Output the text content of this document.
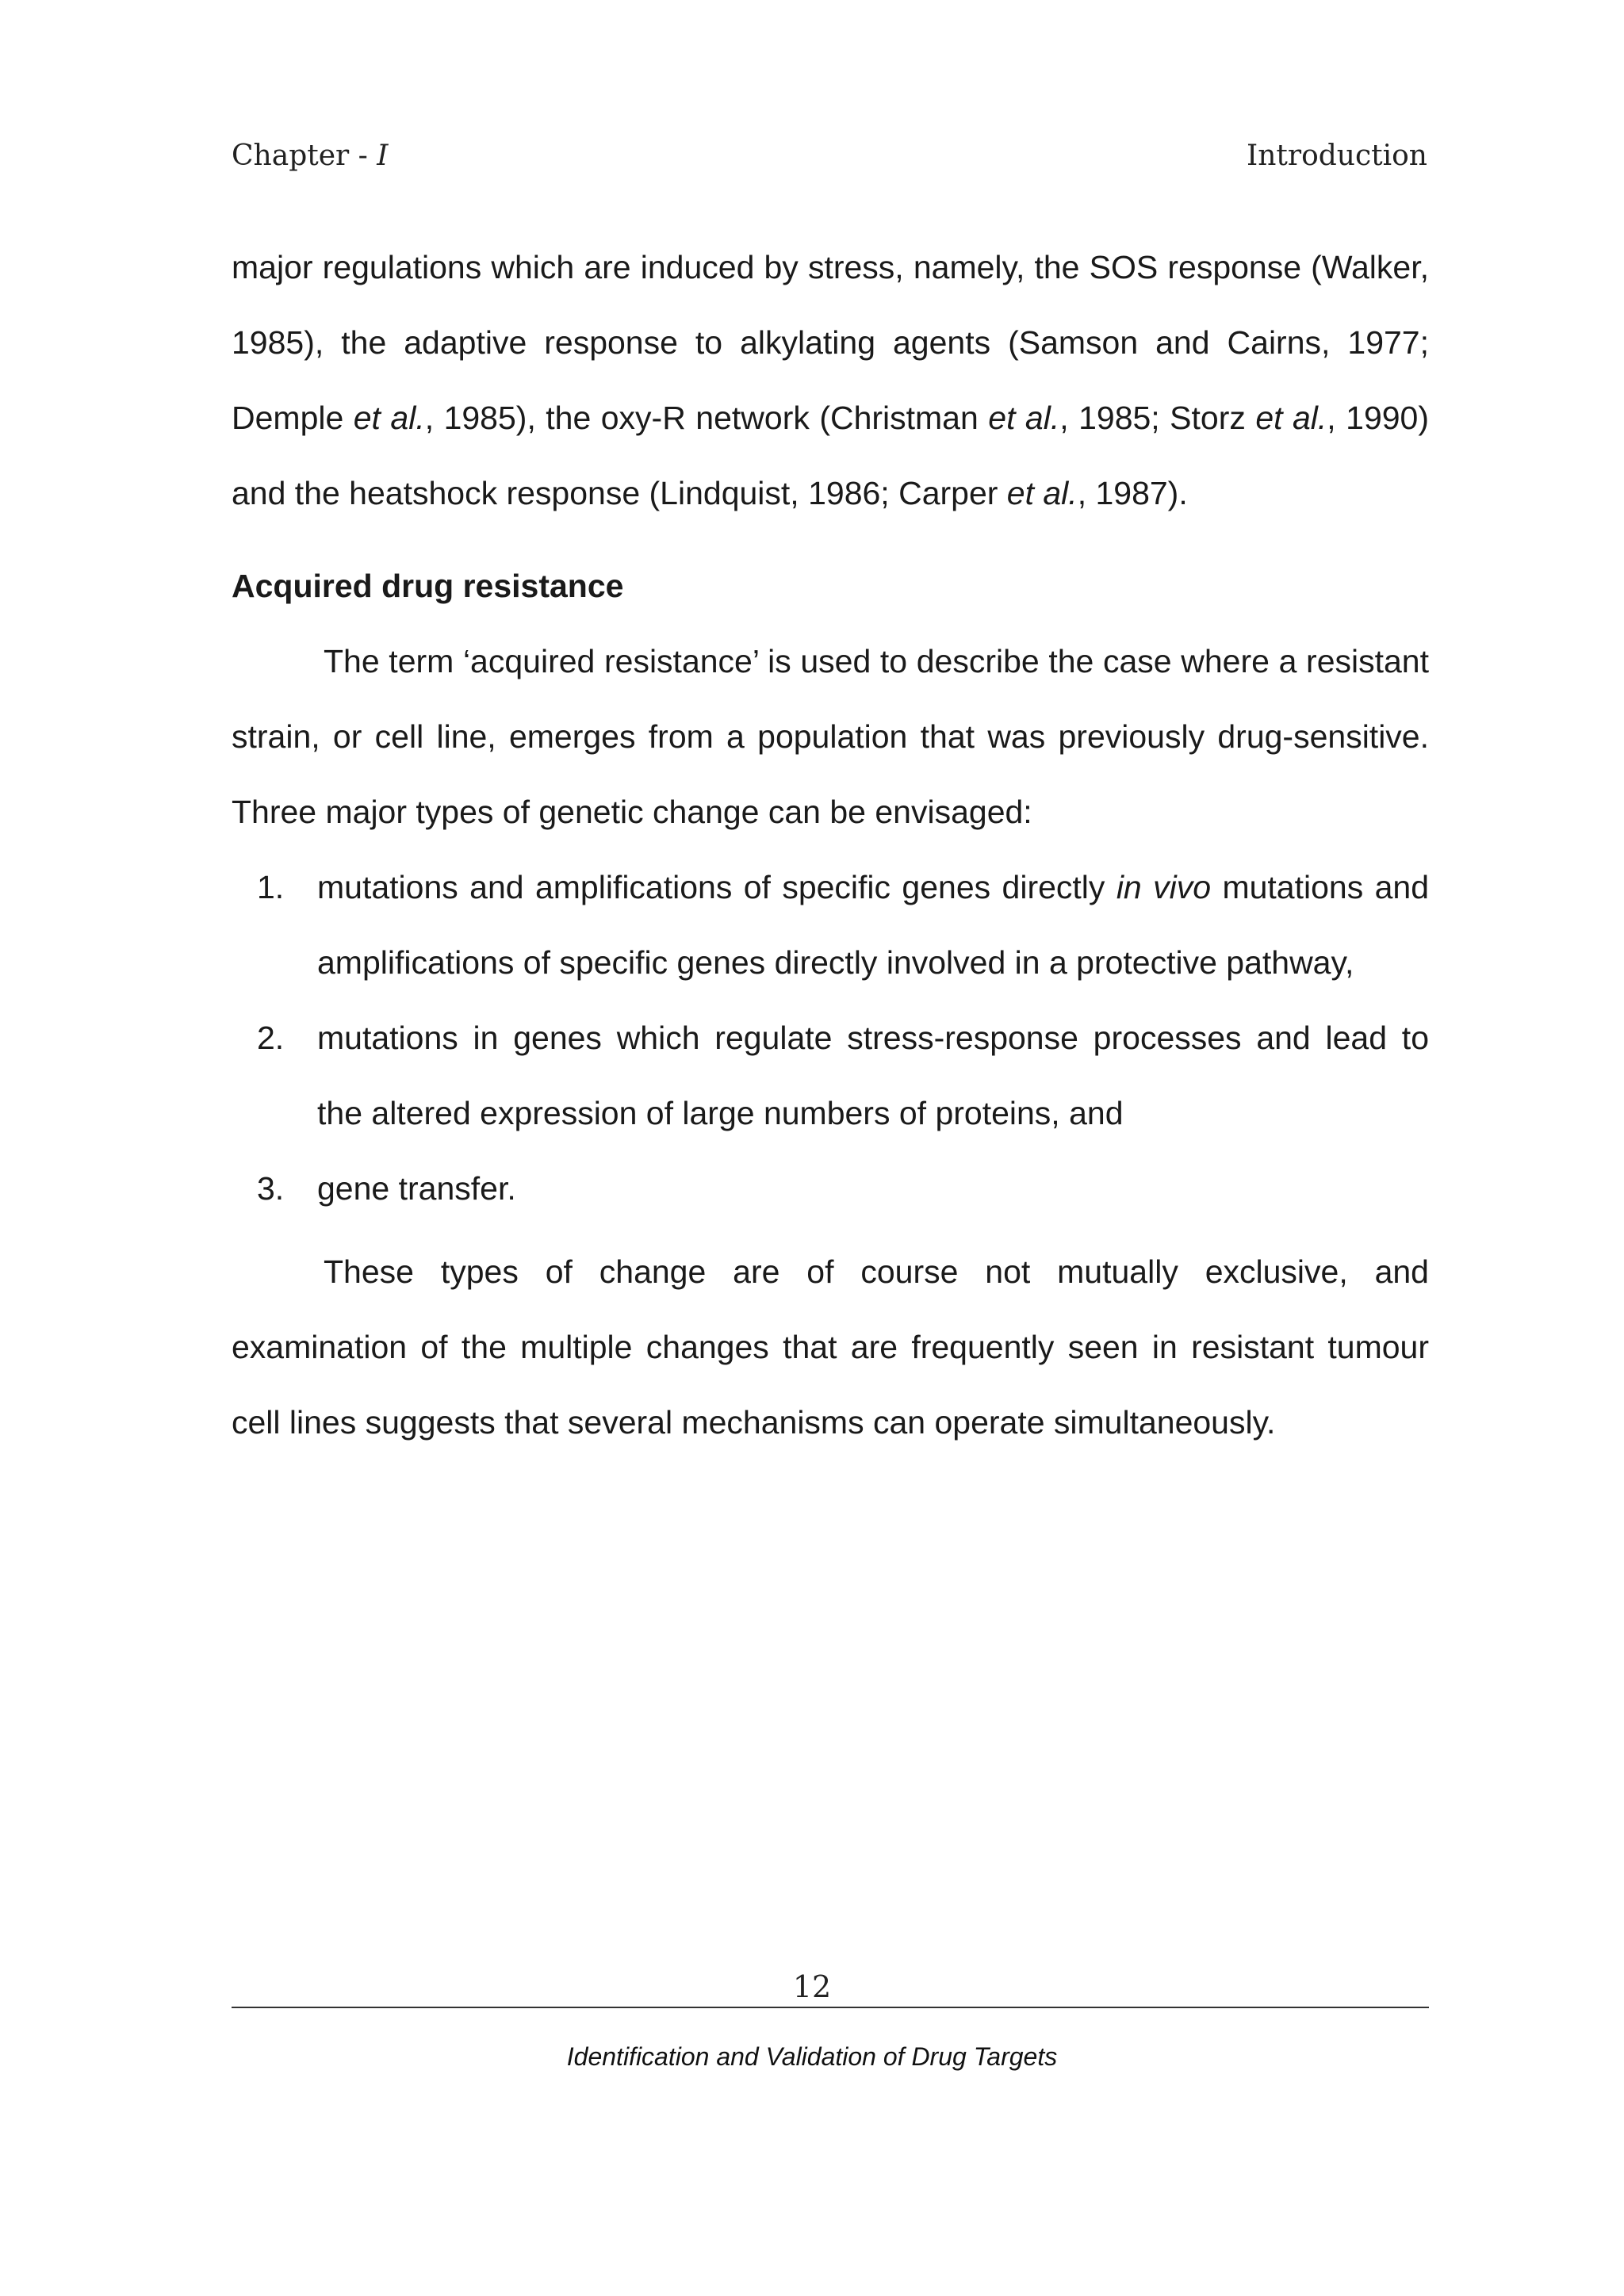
Chapter - I	Introduction

major regulations which are induced by stress, namely, the SOS response (Walker, 1985), the adaptive response to alkylating agents (Samson and Cairns, 1977; Demple et al., 1985), the oxy-R network (Christman et al., 1985; Storz et al., 1990) and the heatshock response (Lindquist, 1986; Carper et al., 1987).

Acquired drug resistance

The term ‘acquired resistance’ is used to describe the case where a resistant strain, or cell line, emerges from a population that was previously drug-sensitive. Three major types of genetic change can be envisaged:

1. mutations and amplifications of specific genes directly in vivo mutations and amplifications of specific genes directly involved in a protective pathway,
2. mutations in genes which regulate stress-response processes and lead to the altered expression of large numbers of proteins, and
3. gene transfer.

These types of change are of course not mutually exclusive, and examination of the multiple changes that are frequently seen in resistant tumour cell lines suggests that several mechanisms can operate simultaneously.

12
Identification and Validation of Drug Targets
